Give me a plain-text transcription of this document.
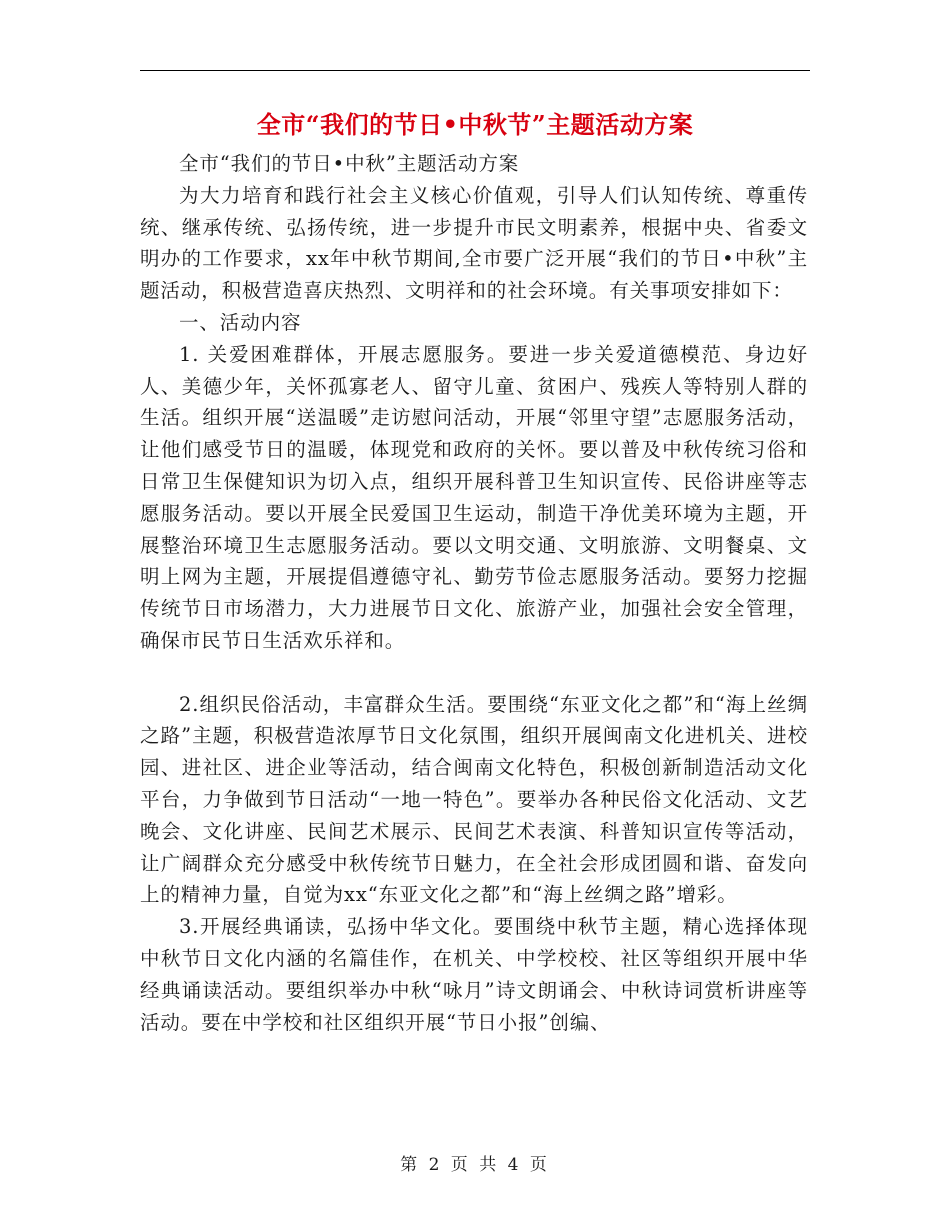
全市“我们的节日•中秋节”主题活动方案

全市“我们的节日•中秋”主题活动方案

为大力培育和践行社会主义核心价值观，引导人们认知传统、尊重传统、继承传统、弘扬传统，进一步提升市民文明素养，根据中央、省委文明办的工作要求，xx年中秋节期间,全市要广泛开展“我们的节日•中秋”主题活动，积极营造喜庆热烈、文明祥和的社会环境。有关事项安排如下：

一、活动内容

1. 关爱困难群体，开展志愿服务。要进一步关爱道德模范、身边好人、美德少年，关怀孤寡老人、留守儿童、贫困户、残疾人等特别人群的生活。组织开展“送温暖”走访慰问活动，开展“邻里守望”志愿服务活动，让他们感受节日的温暖，体现党和政府的关怀。要以普及中秋传统习俗和日常卫生保健知识为切入点，组织开展科普卫生知识宣传、民俗讲座等志愿服务活动。要以开展全民爱国卫生运动，制造干净优美环境为主题，开展整治环境卫生志愿服务活动。要以文明交通、文明旅游、文明餐桌、文明上网为主题，开展提倡遵德守礼、勤劳节俭志愿服务活动。要努力挖掘传统节日市场潜力，大力进展节日文化、旅游产业，加强社会安全管理，确保市民节日生活欢乐祥和。

2.组织民俗活动，丰富群众生活。要围绕“东亚文化之都”和“海上丝绸之路”主题，积极营造浓厚节日文化氛围，组织开展闽南文化进机关、进校园、进社区、进企业等活动，结合闽南文化特色，积极创新制造活动文化平台，力争做到节日活动“一地一特色”。要举办各种民俗文化活动、文艺晚会、文化讲座、民间艺术展示、民间艺术表演、科普知识宣传等活动，让广阔群众充分感受中秋传统节日魅力，在全社会形成团圆和谐、奋发向上的精神力量，自觉为xx“东亚文化之都”和“海上丝绸之路”增彩。

3.开展经典诵读，弘扬中华文化。要围绕中秋节主题，精心选择体现中秋节日文化内涵的名篇佳作，在机关、中学校校、社区等组织开展中华经典诵读活动。要组织举办中秋“咏月”诗文朗诵会、中秋诗词赏析讲座等活动。要在中学校和社区组织开展“节日小报”创编、

第 2 页 共 4 页
